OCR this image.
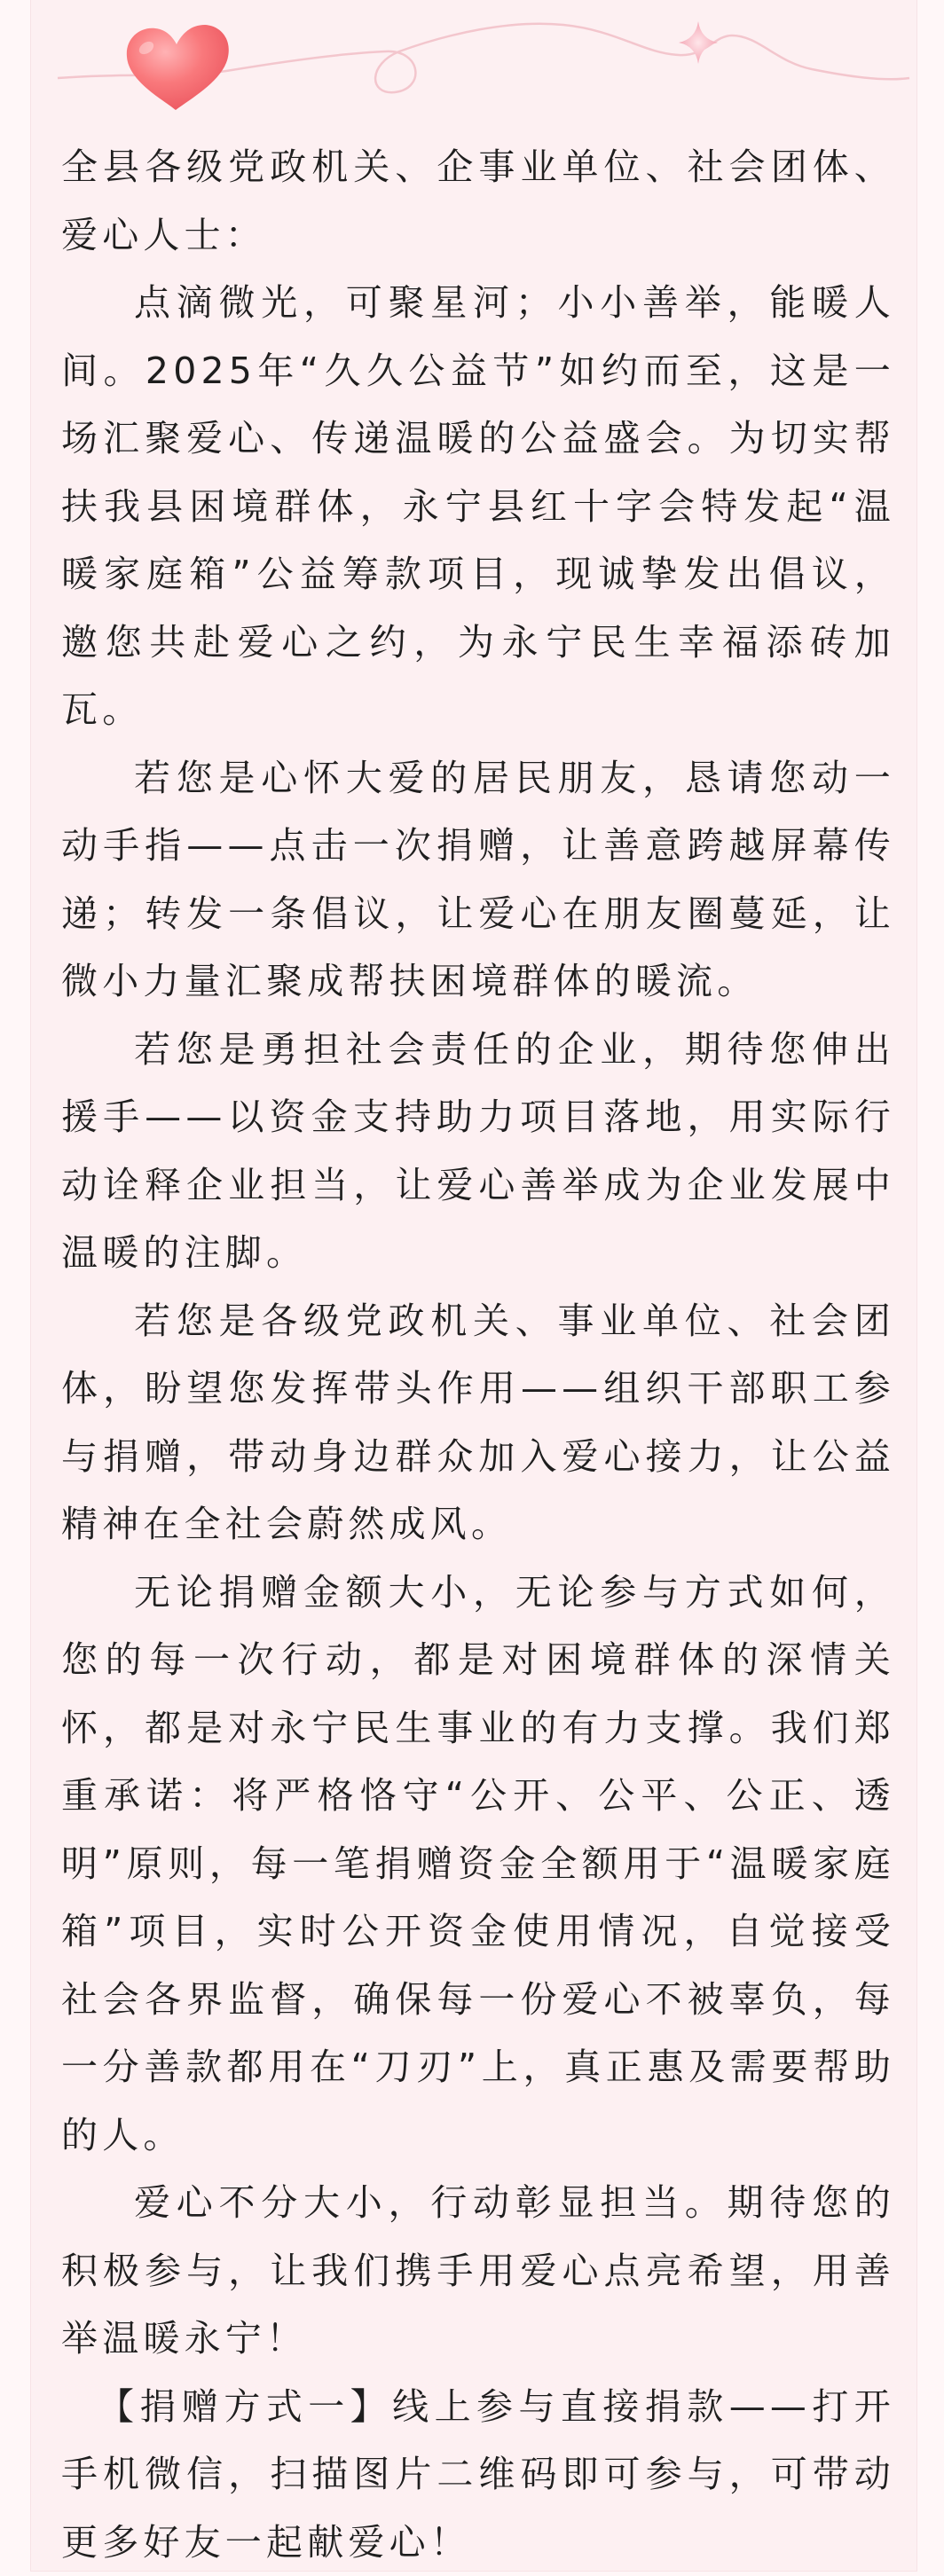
全县各级党政机关、企事业单位、社会团体、爱心人士：

点滴微光，可聚星河；小小善举，能暖人间。2025年“久久公益节”如约而至，这是一场汇聚爱心、传递温暖的公益盛会。为切实帮扶我县困境群体，永宁县红十字会特发起“温暖家庭箱”公益筹款项目，现诚挚发出倡议，邀您共赴爱心之约，为永宁民生幸福添砖加瓦。

若您是心怀大爱的居民朋友，恳请您动一动手指——点击一次捐赠，让善意跨越屏幕传递；转发一条倡议，让爱心在朋友圈蔓延，让微小力量汇聚成帮扶困境群体的暖流。

若您是勇担社会责任的企业，期待您伸出援手——以资金支持助力项目落地，用实际行动诠释企业担当，让爱心善举成为企业发展中温暖的注脚。

若您是各级党政机关、事业单位、社会团体，盼望您发挥带头作用——组织干部职工参与捐赠，带动身边群众加入爱心接力，让公益精神在全社会蔚然成风。

无论捐赠金额大小，无论参与方式如何，您的每一次行动，都是对困境群体的深情关怀，都是对永宁民生事业的有力支撑。我们郑重承诺：将严格恪守“公开、公平、公正、透明”原则，每一笔捐赠资金全额用于“温暖家庭箱”项目，实时公开资金使用情况，自觉接受社会各界监督，确保每一份爱心不被辜负，每一分善款都用在“刀刃”上，真正惠及需要帮助的人。

爱心不分大小，行动彰显担当。期待您的积极参与，让我们携手用爱心点亮希望，用善举温暖永宁！

【捐赠方式一】线上参与直接捐款——打开手机微信，扫描图片二维码即可参与，可带动更多好友一起献爱心！
